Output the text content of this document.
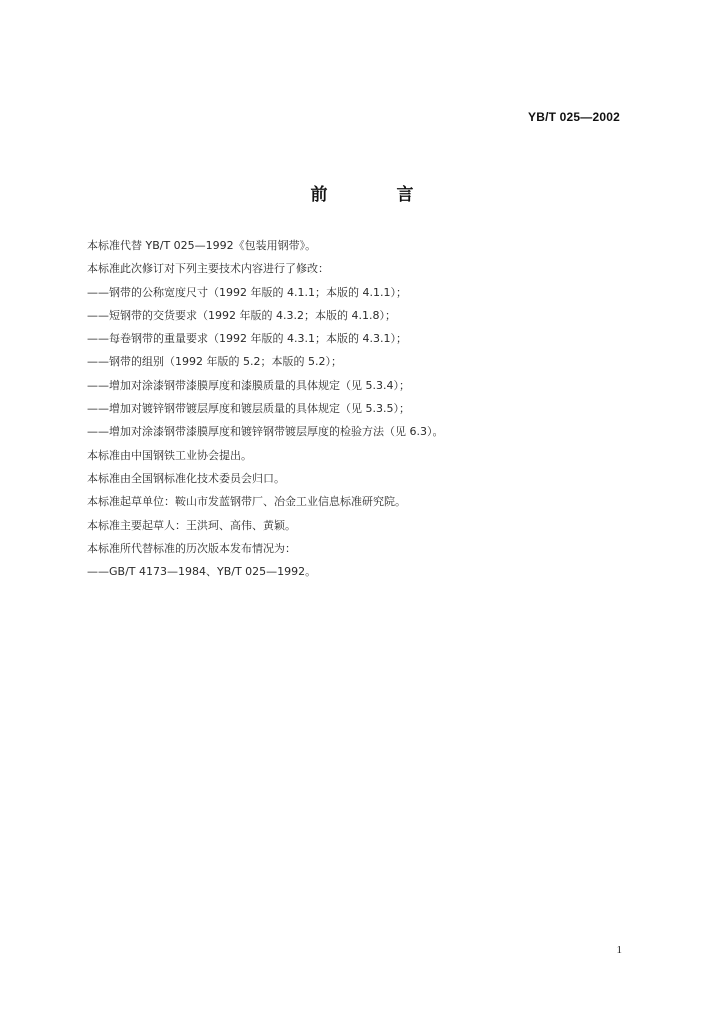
YB/T 025—2002
前　言
本标准代替 YB/T 025—1992《包装用钢带》。
本标准此次修订对下列主要技术内容进行了修改：
——钢带的公称宽度尺寸（1992 年版的 4.1.1；本版的 4.1.1）；
——短钢带的交货要求（1992 年版的 4.3.2；本版的 4.1.8）；
——每卷钢带的重量要求（1992 年版的 4.3.1；本版的 4.3.1）；
——钢带的组别（1992 年版的 5.2；本版的 5.2）；
——增加对涂漆钢带漆膜厚度和漆膜质量的具体规定（见 5.3.4）；
——增加对镀锌钢带镀层厚度和镀层质量的具体规定（见 5.3.5）；
——增加对涂漆钢带漆膜厚度和镀锌钢带镀层厚度的检验方法（见 6.3）。
本标准由中国钢铁工业协会提出。
本标准由全国钢标准化技术委员会归口。
本标准起草单位：鞍山市发蓝钢带厂、冶金工业信息标准研究院。
本标准主要起草人：王洪珂、高伟、黄颖。
本标准所代替标准的历次版本发布情况为：
——GB/T 4173—1984、YB/T 025—1992。
1
